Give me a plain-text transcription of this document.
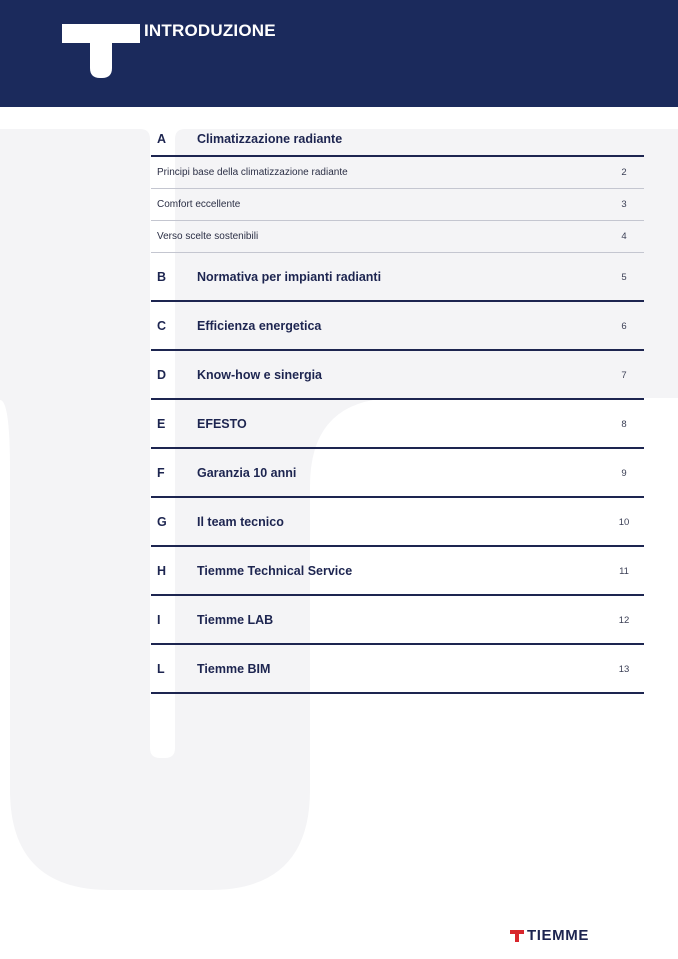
INTRODUZIONE
A	Climatizzazione radiante
Principi base della climatizzazione radiante	2
Comfort eccellente	3
Verso scelte sostenibili	4
B	Normativa per impianti radianti	5
C	Efficienza energetica	6
D	Know-how e sinergia	7
E	EFESTO	8
F	Garanzia 10 anni	9
G	Il team tecnico	10
H	Tiemme Technical Service	11
I	Tiemme LAB	12
L	Tiemme BIM	13
TIEMME
